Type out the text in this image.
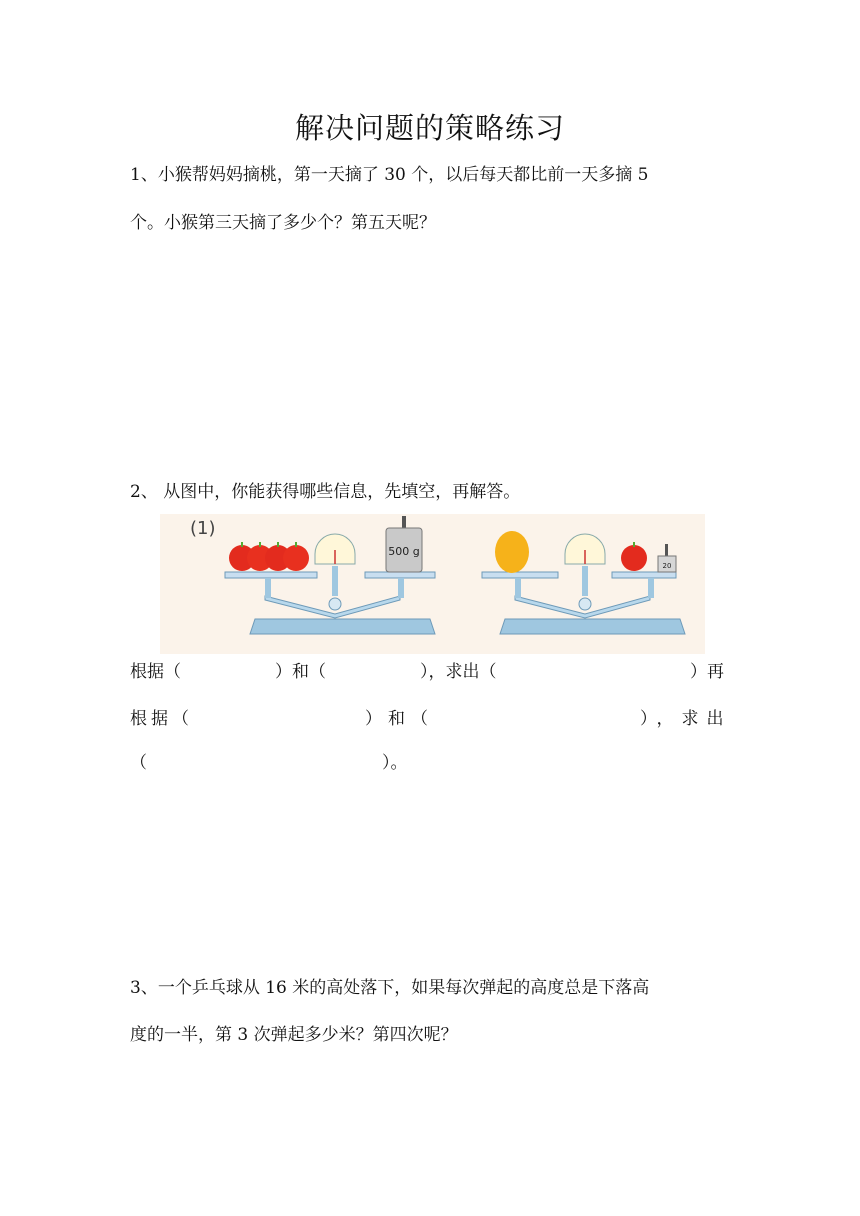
解决问题的策略练习
1、小猴帮妈妈摘桃，第一天摘了 30 个，以后每天都比前一天多摘 5
个。小猴第三天摘了多少个？第五天呢？
2、 从图中，你能获得哪些信息，先填空，再解答。
(1)
500 g
20
根据（	）和（	），求出（	）再
根据（	）和（	），求出
（	）。
3、一个乒乓球从 16 米的高处落下，如果每次弹起的高度总是下落高
度的一半，第 3 次弹起多少米？第四次呢？
